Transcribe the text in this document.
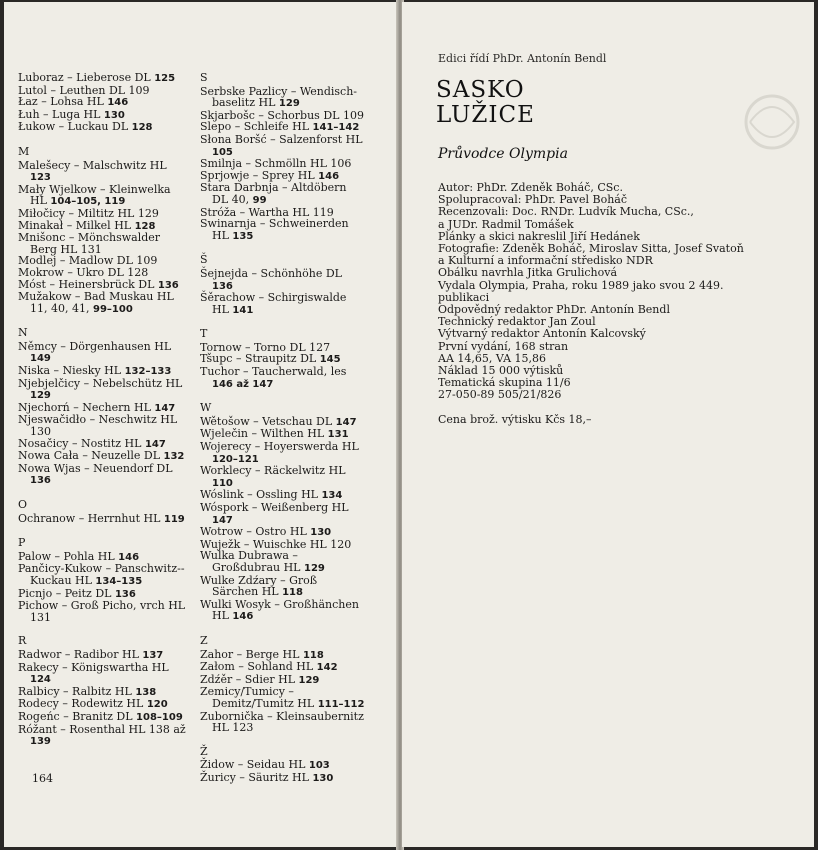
Luboraz – Lieberose DL 125

Lutol – Leuthen DL 109

Łaz – Lohsa HL 146

Łuh – Luga HL 130

Łukow – Luckau DL 128

M

Malešecy – Malschwitz HL 123

Mały Wjelkow – Kleinwelka HL 104–105, 119

Miłočicy – Miltitz HL 129

Minakał – Milkel HL 128

Mnišonc – Mönchswalder Berg HL 131

Modlej – Madlow DL 109

Mokrow – Ukro DL 128

Móst – Heinersbrück DL 136

Mužakow – Bad Muskau HL 11, 40, 41, 99–100

N

Němcy – Dörgenhausen HL 149

Niska – Niesky HL 132–133

Njebjelčicy – Nebelschütz HL 129

Njechorń – Nechern HL 147

Njeswačidło – Neschwitz HL 130

Nosačicy – Nostitz HL 147

Nowa Cała – Neuzelle DL 132

Nowa Wjas – Neuendorf DL 136

O

Ochranow – Herrnhut HL 119

P

Palow – Pohla HL 146

Pančicy-Kukow – Panschwitz--Kuckau HL 134–135

Picnjo – Peitz DL 136

Pichow – Groß Picho, vrch HL 131

R

Radwor – Radibor HL 137

Rakecy – Königswartha HL 124

Ralbicy – Ralbitz HL 138

Rodecy – Rodewitz HL 120

Rogeńc – Branitz DL 108–109

Róžant – Rosenthal HL 138 až 139

S

Serbske Pazlicy – Wendisch-baselitz HL 129

Skjarbošc – Schorbus DL 109

Slepo – Schleife HL 141–142

Słona Boršć – Salzenforst HL 105

Smilnja – Schmölln HL 106

Sprjowje – Sprey HL 146

Stara Darbnja – Altdöbern DL 40, 99

Stróža – Wartha HL 119

Swinarnja – Schweinerden HL 135

Š

Šejnejda – Schönhöhe DL 136

Šěrachow – Schirgiswalde HL 141

T

Tornow – Torno DL 127

Tšupc – Straupitz DL 145

Tuchor – Taucherwald, les 146 až 147

W

Wětošow – Vetschau DL 147

Wjelečin – Wilthen HL 131

Wojerecy – Hoyerswerda HL 120–121

Worklecy – Räckelwitz HL 110

Wóslink – Ossling HL 134

Wóspork – Weißenberg HL 147

Wotrow – Ostro HL 130

Wuježk – Wuischke HL 120

Wulka Dubrawa – Großdubrau HL 129

Wulke Zdźary – Groß Särchen HL 118

Wulki Wosyk – Großhänchen HL 146

Z

Zahor – Berge HL 118

Załom – Sohland HL 142

Zdźěr – Sdier HL 129

Zemicy/Tumicy – Demitz/Tumitz HL 111–112

Zubornička – Kleinsaubernitz HL 123

Ž

Židow – Seidau HL 103

Žuricy – Säuritz HL 130

164
Edici řídí PhDr. Antonín Bendl
SASKO
LUŽICE
Průvodce Olympia

Autor: PhDr. Zdeněk Boháč, CSc.

Spolupracoval: PhDr. Pavel Boháč

Recenzovali: Doc. RNDr. Ludvík Mucha, CSc.,

a JUDr. Radmil Tomášek

Plánky a skici nakreslil Jiří Hedánek

Fotografie: Zdeněk Boháč, Miroslav Sitta, Josef Svatoň

a Kulturní a informační středisko NDR

Obálku navrhla Jitka Grulichová

Vydala Olympia, Praha, roku 1989 jako svou 2 449. publikaci

Odpovědný redaktor PhDr. Antonín Bendl

Technický redaktor Jan Zoul

Výtvarný redaktor Antonín Kalcovský

První vydání, 168 stran

AA 14,65, VA 15,86

Náklad 15 000 výtisků

Tematická skupina 11/6

27-050-89 505/21/826

Cena brož. výtisku Kčs 18,–
